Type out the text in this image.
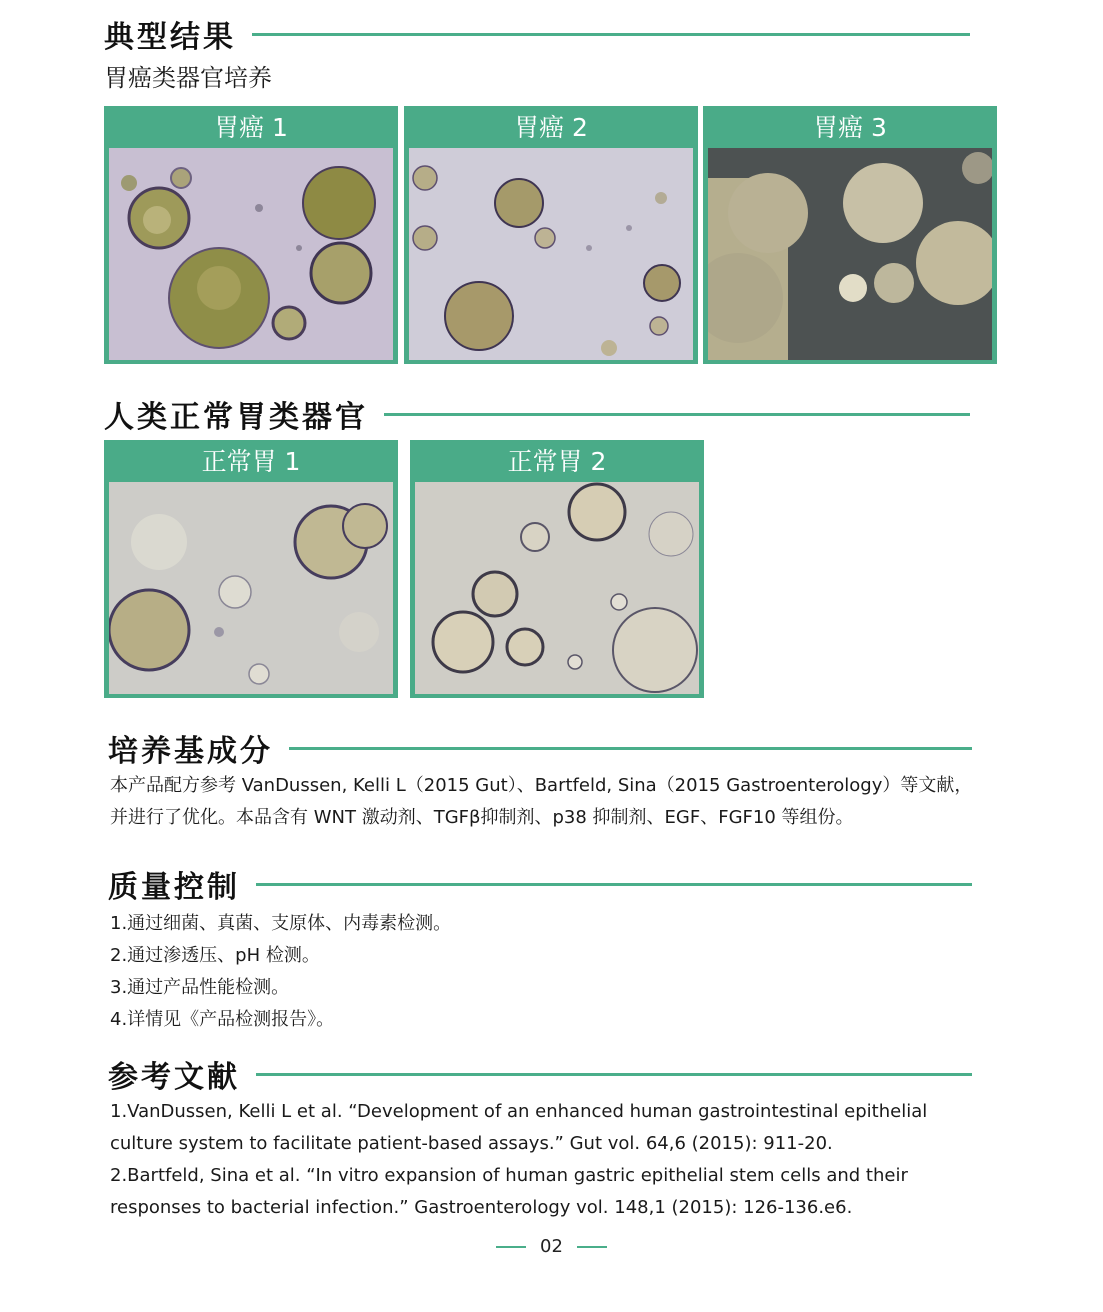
典型结果
胃癌类器官培养
胃癌 1	胃癌 2	胃癌 3
人类正常胃类器官
正常胃 1	正常胃 2
培养基成分

本产品配方参考 VanDussen, Kelli L（2015 Gut）、Bartfeld, Sina（2015 Gastroenterology）等文献，

并进行了优化。本品含有 WNT 激动剂、TGFβ抑制剂、p38 抑制剂、EGF、FGF10 等组份。

质量控制

1.通过细菌、真菌、支原体、内毒素检测。

2.通过渗透压、pH 检测。

3.通过产品性能检测。

4.详情见《产品检测报告》。

参考文献

1.VanDussen, Kelli L et al. “Development of an enhanced human gastrointestinal epithelial

culture system to facilitate patient-based assays.” Gut vol. 64,6 (2015): 911-20.

2.Bartfeld, Sina et al. “In vitro expansion of human gastric epithelial stem cells and their

responses to bacterial infection.” Gastroenterology vol. 148,1 (2015): 126-136.e6.

02
